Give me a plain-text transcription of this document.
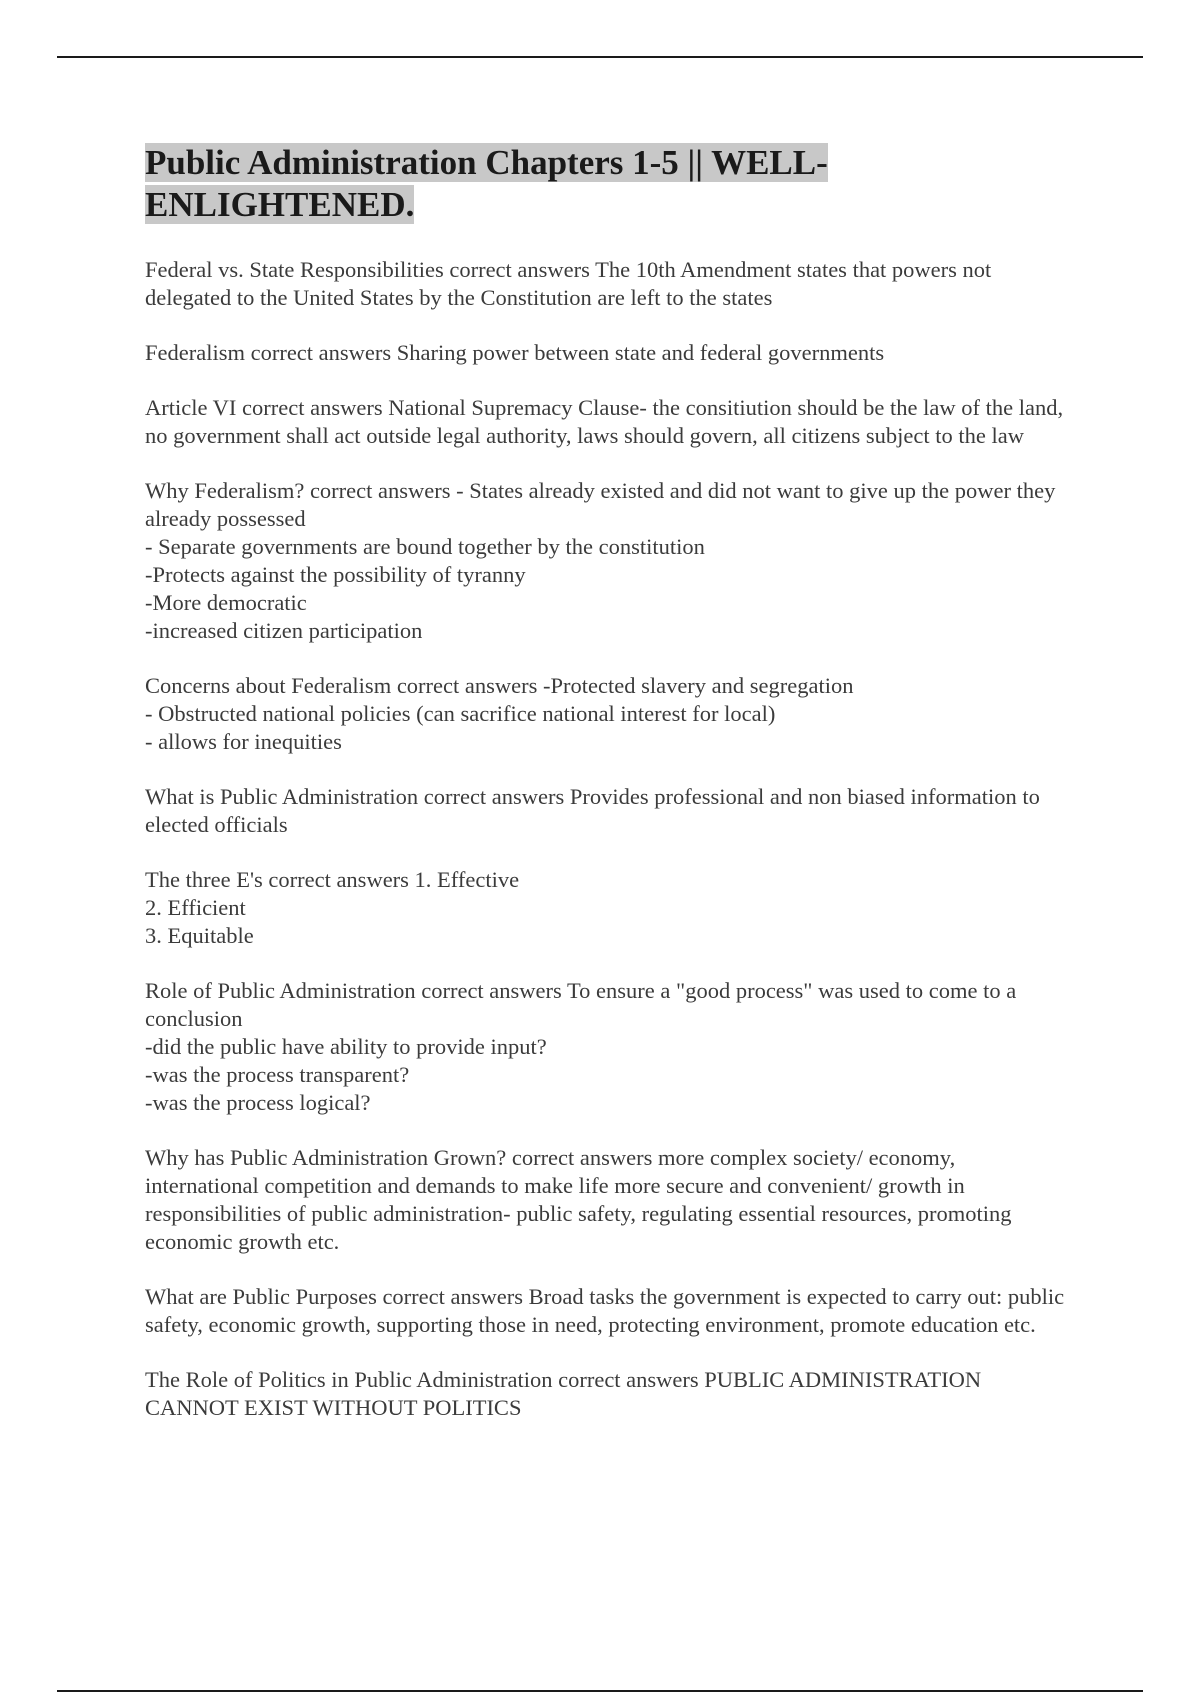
Public Administration Chapters 1-5 || WELL-ENLIGHTENED.

Federal vs. State Responsibilities correct answers The 10th Amendment states that powers not delegated to the United States by the Constitution are left to the states

Federalism correct answers Sharing power between state and federal governments

Article VI correct answers National Supremacy Clause- the consitiution should be the law of the land, no government shall act outside legal authority, laws should govern, all citizens subject to the law

Why Federalism? correct answers - States already existed and did not want to give up the power they already possessed

- Separate governments are bound together by the constitution

-Protects against the possibility of tyranny

-More democratic

-increased citizen participation

Concerns about Federalism correct answers -Protected slavery and segregation

- Obstructed national policies (can sacrifice national interest for local)

- allows for inequities

What is Public Administration correct answers Provides professional and non biased information to elected officials

The three E's correct answers 1. Effective

2. Efficient

3. Equitable

Role of Public Administration correct answers To ensure a "good process" was used to come to a conclusion

-did the public have ability to provide input?

-was the process transparent?

-was the process logical?

Why has Public Administration Grown? correct answers more complex society/ economy, international competition and demands to make life more secure and convenient/ growth in responsibilities of public administration- public safety, regulating essential resources, promoting economic growth etc.

What are Public Purposes correct answers Broad tasks the government is expected to carry out: public safety, economic growth, supporting those in need, protecting environment, promote education etc.

The Role of Politics in Public Administration correct answers PUBLIC ADMINISTRATION CANNOT EXIST WITHOUT POLITICS
